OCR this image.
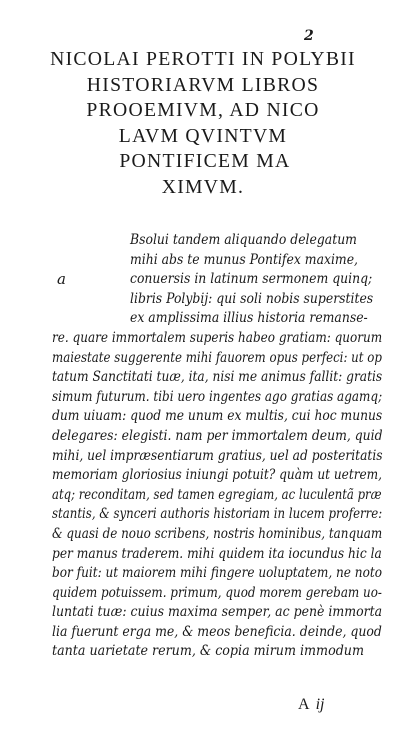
2
NICOLAI PEROTTI IN POLYBII
HISTORIARVM LIBROS
PROOEMIVM, AD NICO
LAVM QVINTVM
PONTIFICEM MA
XIMVM.
a
Bsolui tandem aliquando delegatum
mihi abs te munus Pontifex maxime,
conuersis in latinum sermonem quinq;
libris Polybij: qui soli nobis superstites
ex amplissima illius historia remanse-
re. quare immortalem superis habeo gratiam: quorum
maiestate suggerente mihi fauorem opus perfeci: ut op
tatum Sanctitati tuæ, ita, nisi me animus fallit: gratis
simum futurum. tibi uero ingentes ago gratias agamq;
dum uiuam: quod me unum ex multis, cui hoc munus
delegares: elegisti. nam per immortalem deum, quid
mihi, uel impræsentiarum gratius, uel ad posteritatis
memoriam gloriosius iniungi potuit? quàm ut uetrem,
atq; reconditam, sed tamen egregiam, ac luculentã præ
stantis, & synceri authoris historiam in lucem proferre:
& quasi de nouo scribens, nostris hominibus, tanquam
per manus traderem. mihi quidem ita iocundus hic la
bor fuit: ut maiorem mihi fingere uoluptatem, ne noto
quidem potuissem. primum, quod morem gerebam uo-
luntati tuæ: cuius maxima semper, ac penè immorta
lia fuerunt erga me, & meos beneficia. deinde, quod
tanta uarietate rerum, & copia mirum immodum
Aij
